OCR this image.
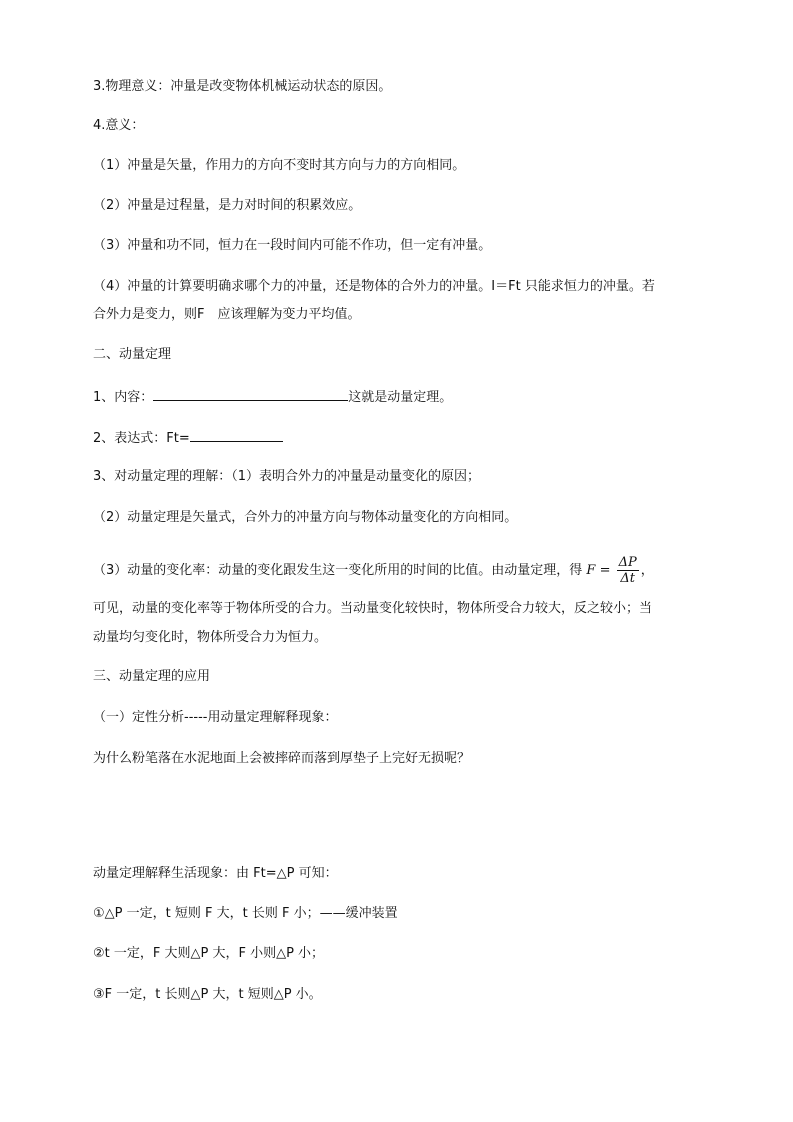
3.物理意义：冲量是改变物体机械运动状态的原因。
4.意义：
（1）冲量是矢量，作用力的方向不变时其方向与力的方向相同。
（2）冲量是过程量，是力对时间的积累效应。
（3）冲量和功不同，恒力在一段时间内可能不作功，但一定有冲量。
（4）冲量的计算要明确求哪个力的冲量，还是物体的合外力的冲量。I＝Ft 只能求恒力的冲量。若
合外力是变力，则F　应该理解为变力平均值。
二、动量定理
1、内容：	这就是动量定理。
2、表达式：Ft=
3、对动量定理的理解：（1）表明合外力的冲量是动量变化的原因；
（2）动量定理是矢量式，合外力的冲量方向与物体动量变化的方向相同。
（3）动量的变化率：动量的变化跟发生这一变化所用的时间的比值。由动量定理，得 $F = \frac{\Delta P}{\Delta t}$ ，
可见，动量的变化率等于物体所受的合力。当动量变化较快时，物体所受合力较大，反之较小；当
动量均匀变化时，物体所受合力为恒力。
三、动量定理的应用
（一）定性分析-----用动量定理解释现象：
为什么粉笔落在水泥地面上会被摔碎而落到厚垫子上完好无损呢？
动量定理解释生活现象：由 Ft=△P 可知：
①△P 一定，t 短则 F 大，t 长则 F 小；——缓冲装置
②t 一定，F 大则△P 大，F 小则△P 小；
③F 一定，t 长则△P 大，t 短则△P 小。
